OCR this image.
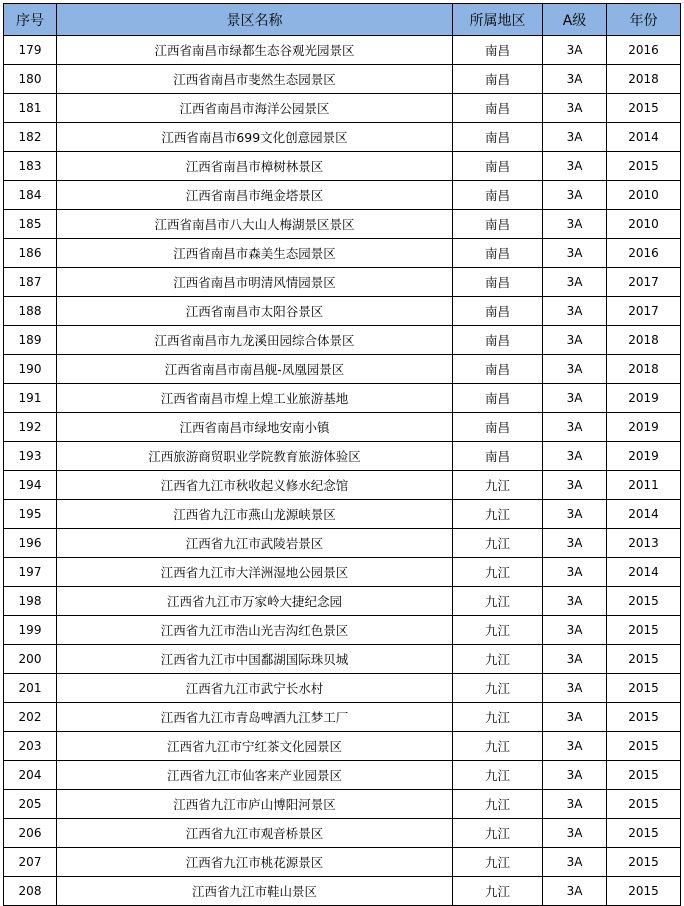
序号	景区名称	所属地区	A级	年份
179	江西省南昌市绿都生态谷观光园景区	南昌	3A	2016
180	江西省南昌市斐然生态园景区	南昌	3A	2018
181	江西省南昌市海洋公园景区	南昌	3A	2015
182	江西省南昌市699文化创意园景区	南昌	3A	2014
183	江西省南昌市樟树林景区	南昌	3A	2015
184	江西省南昌市绳金塔景区	南昌	3A	2010
185	江西省南昌市八大山人梅湖景区景区	南昌	3A	2010
186	江西省南昌市森美生态园景区	南昌	3A	2016
187	江西省南昌市明清风情园景区	南昌	3A	2017
188	江西省南昌市太阳谷景区	南昌	3A	2017
189	江西省南昌市九龙溪田园综合体景区	南昌	3A	2018
190	江西省南昌市南昌舰-凤凰园景区	南昌	3A	2018
191	江西省南昌市煌上煌工业旅游基地	南昌	3A	2019
192	江西省南昌市绿地安南小镇	南昌	3A	2019
193	江西旅游商贸职业学院教育旅游体验区	南昌	3A	2019
194	江西省九江市秋收起义修水纪念馆	九江	3A	2011
195	江西省九江市燕山龙源峡景区	九江	3A	2014
196	江西省九江市武陵岩景区	九江	3A	2013
197	江西省九江市大洋洲湿地公园景区	九江	3A	2014
198	江西省九江市万家岭大捷纪念园	九江	3A	2015
199	江西省九江市浩山光吉沟红色景区	九江	3A	2015
200	江西省九江市中国鄱湖国际珠贝城	九江	3A	2015
201	江西省九江市武宁长水村	九江	3A	2015
202	江西省九江市青岛啤酒九江梦工厂	九江	3A	2015
203	江西省九江市宁红茶文化园景区	九江	3A	2015
204	江西省九江市仙客来产业园景区	九江	3A	2015
205	江西省九江市庐山博阳河景区	九江	3A	2015
206	江西省九江市观音桥景区	九江	3A	2015
207	江西省九江市桃花源景区	九江	3A	2015
208	江西省九江市鞋山景区	九江	3A	2015
